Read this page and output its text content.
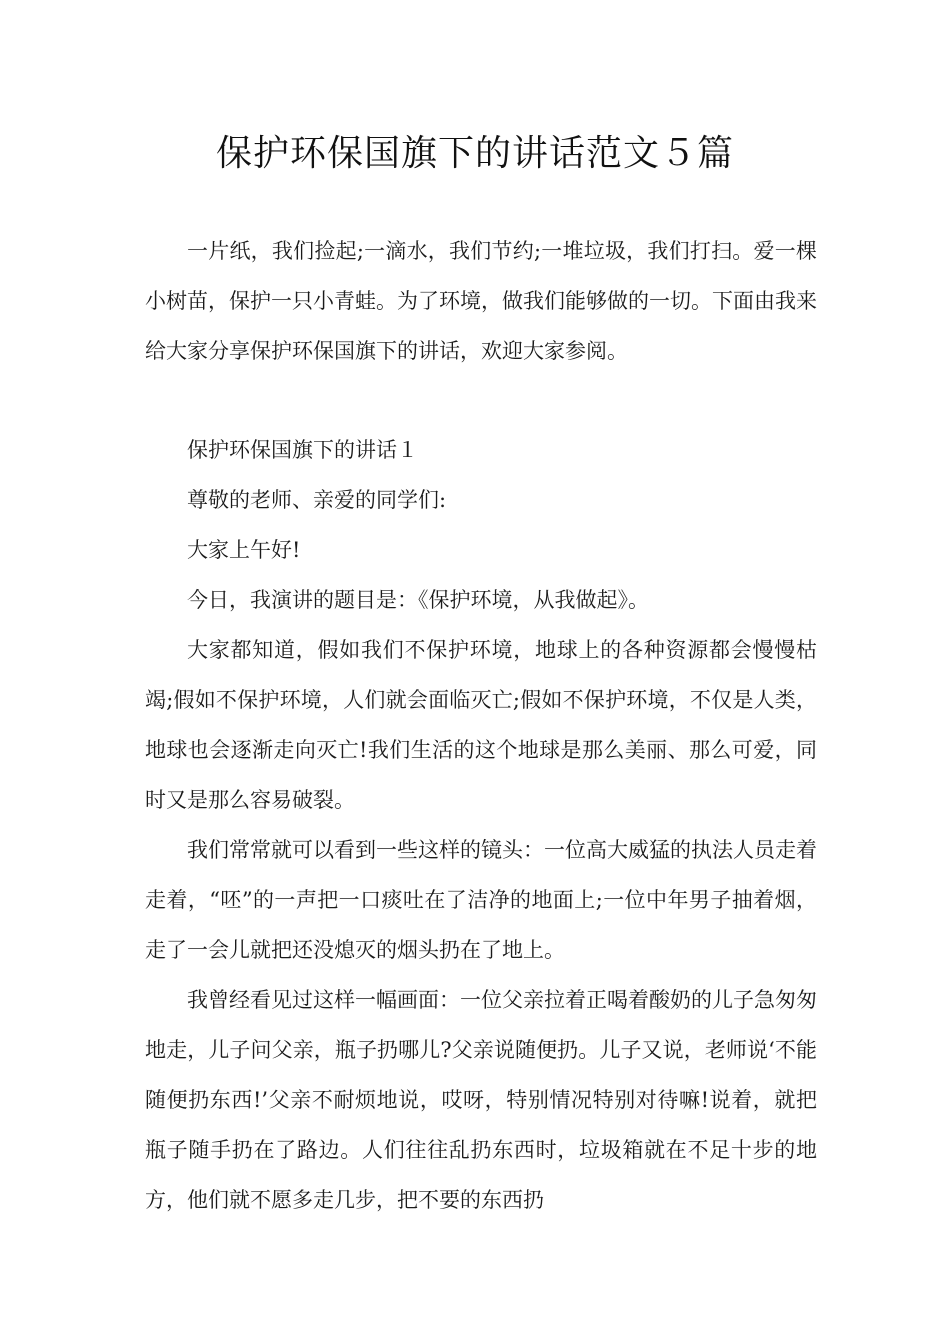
保护环保国旗下的讲话范文５篇

一片纸，我们捡起;一滴水，我们节约;一堆垃圾，我们打扫。爱一棵小树苗，保护一只小青蛙。为了环境，做我们能够做的一切。下面由我来给大家分享保护环保国旗下的讲话，欢迎大家参阅。

保护环保国旗下的讲话１

尊敬的老师、亲爱的同学们:

大家上午好!

今日，我演讲的题目是：《保护环境，从我做起》。

大家都知道，假如我们不保护环境，地球上的各种资源都会慢慢枯竭;假如不保护环境，人们就会面临灭亡;假如不保护环境，不仅是人类，地球也会逐渐走向灭亡!我们生活的这个地球是那么美丽、那么可爱，同时又是那么容易破裂。

我们常常就可以看到一些这样的镜头：一位高大威猛的执法人员走着走着，“呸”的一声把一口痰吐在了洁净的地面上;一位中年男子抽着烟，走了一会儿就把还没熄灭的烟头扔在了地上。

我曾经看见过这样一幅画面：一位父亲拉着正喝着酸奶的儿子急匆匆地走，儿子问父亲，瓶子扔哪儿?父亲说随便扔。儿子又说，老师说‘不能随便扔东西!’父亲不耐烦地说，哎呀，特别情况特别对待嘛!说着，就把瓶子随手扔在了路边。人们往往乱扔东西时，垃圾箱就在不足十步的地方，他们就不愿多走几步，把不要的东西扔
